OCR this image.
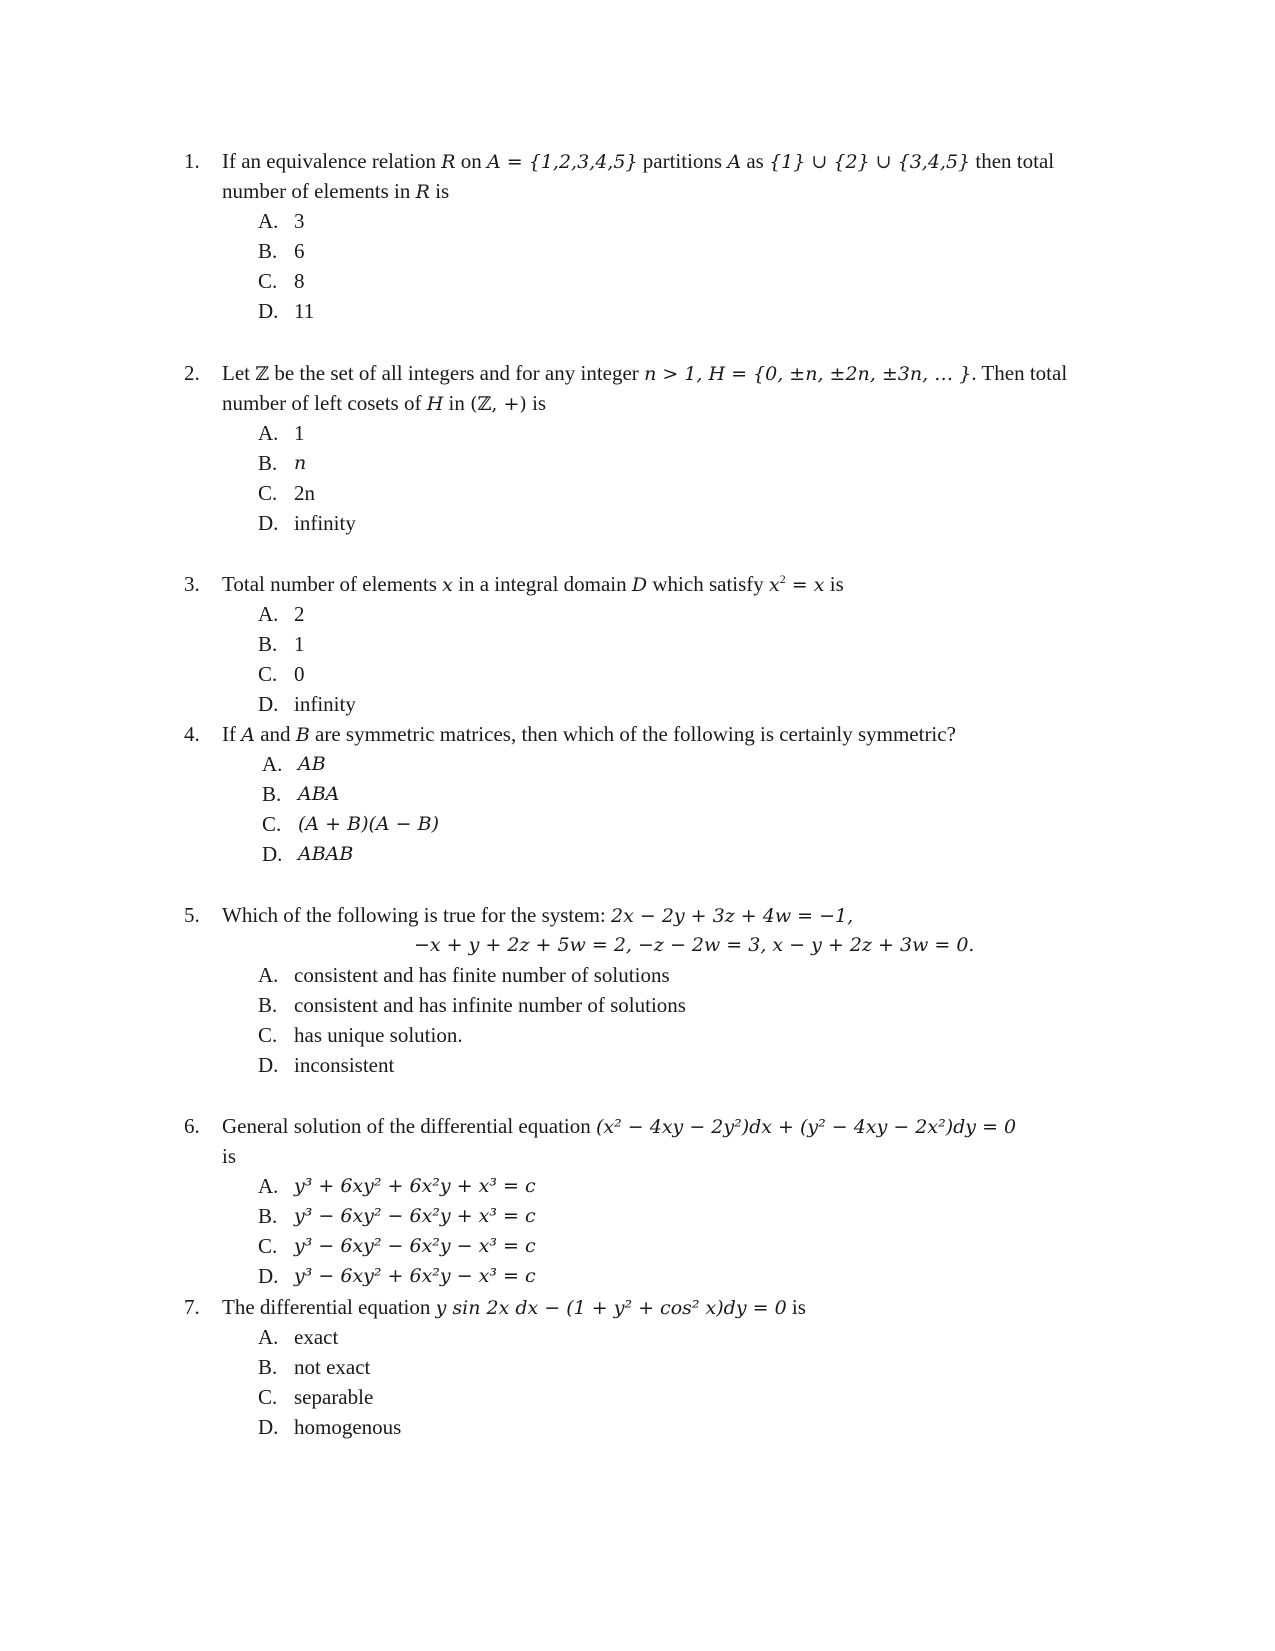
1. If an equivalence relation R on A = {1,2,3,4,5} partitions A as {1} ∪ {2} ∪ {3,4,5} then total
number of elements in R is
A. 3
B. 6
C. 8
D. 11
2. Let ℤ be the set of all integers and for any integer n > 1, H = {0, ±n, ±2n, ±3n, … }. Then total
number of left cosets of H in (ℤ, +) is
A. 1
B. n
C. 2n
D. infinity
3. Total number of elements x in a integral domain D which satisfy $x^2 = x$ is
A. 2
B. 1
C. 0
D. infinity
4. If A and B are symmetric matrices, then which of the following is certainly symmetric?
A. AB
B. ABA
C. (A + B)(A − B)
D. ABAB
5. Which of the following is true for the system: 2x − 2y + 3z + 4w = −1,
−x + y + 2z + 5w = 2, −z − 2w = 3, x − y + 2z + 3w = 0.
A. consistent and has finite number of solutions
B. consistent and has infinite number of solutions
C. has unique solution.
D. inconsistent
6. General solution of the differential equation (x² − 4xy − 2y²)dx + (y² − 4xy − 2x²)dy = 0
is
A. y³ + 6xy² + 6x²y + x³ = c
B. y³ − 6xy² − 6x²y + x³ = c
C. y³ − 6xy² − 6x²y − x³ = c
D. y³ − 6xy² + 6x²y − x³ = c
7. The differential equation y sin 2x dx − (1 + y² + cos² x)dy = 0 is
A. exact
B. not exact
C. separable
D. homogenous
